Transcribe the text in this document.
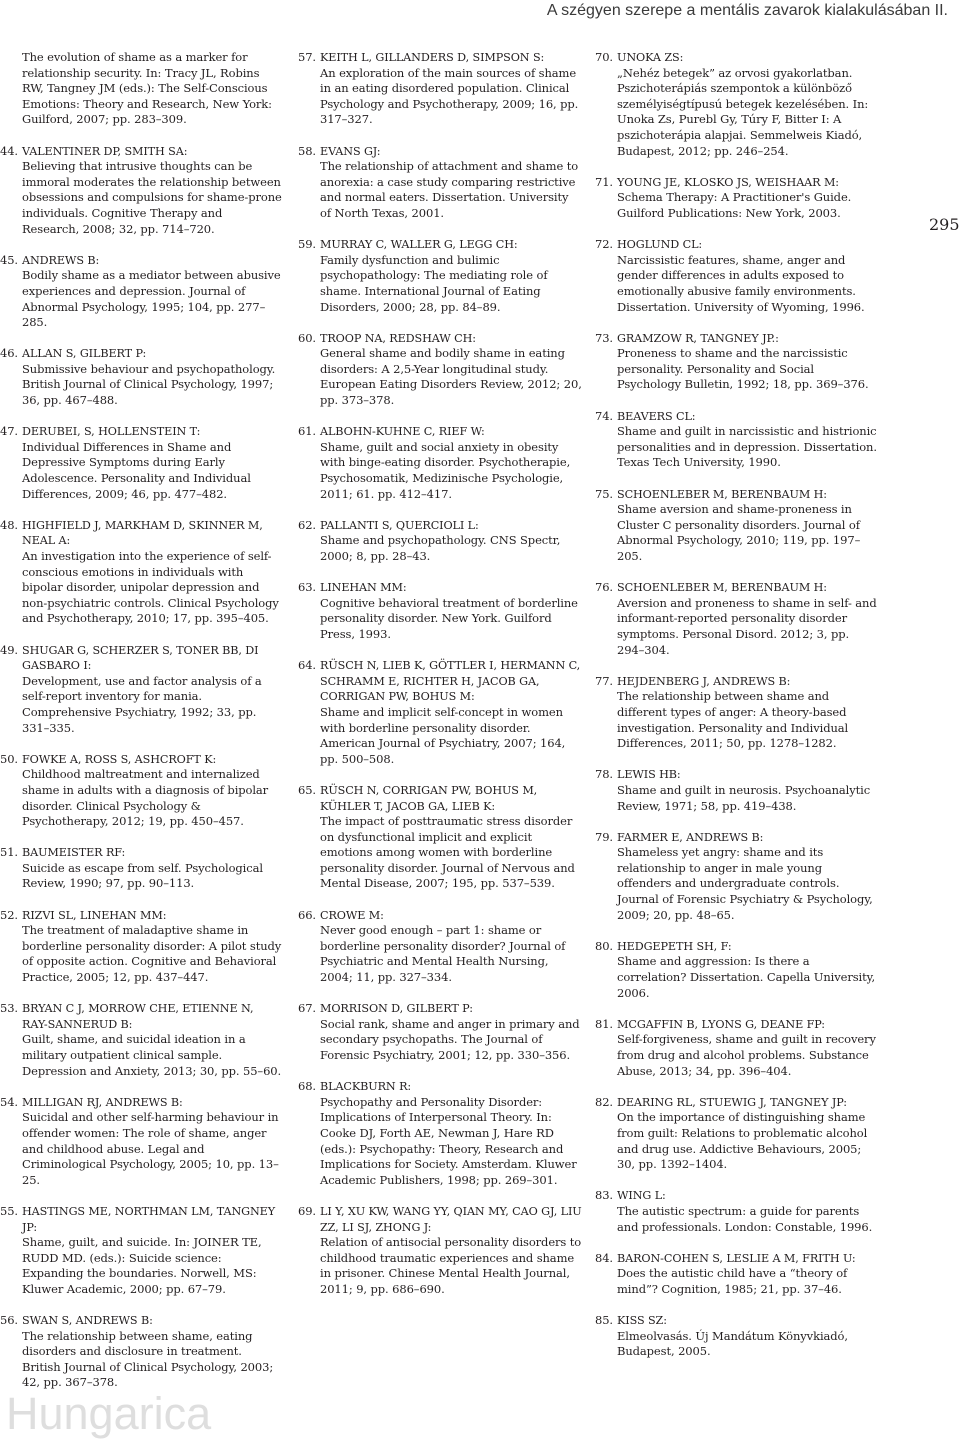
A szégyen szerepe a mentális zavarok kialakulásában II.
295
The evolution of shame as a marker for relationship security. In: Tracy JL, Robins RW, Tangney JM (eds.): The Self-Conscious Emotions: Theory and Research, New York: Guilford, 2007; pp. 283–309.
44. VALENTINER DP, SMITH SA:
Believing that intrusive thoughts can be immoral moderates the relationship between obsessions and compulsions for shame-prone individuals. Cognitive Therapy and Research, 2008; 32, pp. 714–720.
45. ANDREWS B:
Bodily shame as a mediator between abusive experiences and depression. Journal of Abnormal Psychology, 1995; 104, pp. 277–285.
46. ALLAN S, GILBERT P:
Submissive behaviour and psychopathology. British Journal of Clinical Psychology, 1997; 36, pp. 467–488.
47. DERUBEI, S, HOLLENSTEIN T:
Individual Differences in Shame and Depressive Symptoms during Early Adolescence. Personality and Individual Differences, 2009; 46, pp. 477–482.
48. HIGHFIELD J, MARKHAM D, SKINNER M, NEAL A:
An investigation into the experience of self-conscious emotions in individuals with bipolar disorder, unipolar depression and non-psychiatric controls. Clinical Psychology and Psychotherapy, 2010; 17, pp. 395–405.
49. SHUGAR G, SCHERZER S, TONER BB, DI GASBARO I:
Development, use and factor analysis of a self-report inventory for mania. Comprehensive Psychiatry, 1992; 33, pp. 331–335.
50. FOWKE A, ROSS S, ASHCROFT K:
Childhood maltreatment and internalized shame in adults with a diagnosis of bipolar disorder. Clinical Psychology & Psychotherapy, 2012; 19, pp. 450–457.
51. BAUMEISTER RF:
Suicide as escape from self. Psychological Review, 1990; 97, pp. 90–113.
52. RIZVI SL, LINEHAN MM:
The treatment of maladaptive shame in borderline personality disorder: A pilot study of opposite action. Cognitive and Behavioral Practice, 2005; 12, pp. 437–447.
53. BRYAN C J, MORROW CHE, ETIENNE N, RAY-SANNERUD B:
Guilt, shame, and suicidal ideation in a military outpatient clinical sample. Depression and Anxiety, 2013; 30, pp. 55–60.
54. MILLIGAN RJ, ANDREWS B:
Suicidal and other self-harming behaviour in offender women: The role of shame, anger and childhood abuse. Legal and Criminological Psychology, 2005; 10, pp. 13–25.
55. HASTINGS ME, NORTHMAN LM, TANGNEY JP:
Shame, guilt, and suicide. In: JOINER TE, RUDD MD. (eds.): Suicide science: Expanding the boundaries. Norwell, MS: Kluwer Academic, 2000; pp. 67–79.
56. SWAN S, ANDREWS B:
The relationship between shame, eating disorders and disclosure in treatment. British Journal of Clinical Psychology, 2003; 42, pp. 367–378.
57. KEITH L, GILLANDERS D, SIMPSON S:
An exploration of the main sources of shame in an eating disordered population. Clinical Psychology and Psychotherapy, 2009; 16, pp. 317–327.
58. EVANS GJ:
The relationship of attachment and shame to anorexia: a case study comparing restrictive and normal eaters. Dissertation. University of North Texas, 2001.
59. MURRAY C, WALLER G, LEGG CH:
Family dysfunction and bulimic psychopathology: The mediating role of shame. International Journal of Eating Disorders, 2000; 28, pp. 84–89.
60. TROOP NA, REDSHAW CH:
General shame and bodily shame in eating disorders: A 2,5-Year longitudinal study. European Eating Disorders Review, 2012; 20, pp. 373–378.
61. ALBOHN-KUHNE C, RIEF W:
Shame, guilt and social anxiety in obesity with binge-eating disorder. Psychotherapie, Psychosomatik, Medizinische Psychologie, 2011; 61. pp. 412–417.
62. PALLANTI S, QUERCIOLI L:
Shame and psychopathology. CNS Spectr, 2000; 8, pp. 28–43.
63. LINEHAN MM:
Cognitive behavioral treatment of borderline personality disorder. New York. Guilford Press, 1993.
64. RÜSCH N, LIEB K, GÖTTLER I, HERMANN C, SCHRAMM E, RICHTER H, JACOB GA, CORRIGAN PW, BOHUS M:
Shame and implicit self-concept in women with borderline personality disorder. American Journal of Psychiatry, 2007; 164, pp. 500–508.
65. RÜSCH N, CORRIGAN PW, BOHUS M, KÜHLER T, JACOB GA, LIEB K:
The impact of posttraumatic stress disorder on dysfunctional implicit and explicit emotions among women with borderline personality disorder. Journal of Nervous and Mental Disease, 2007; 195, pp. 537–539.
66. CROWE M:
Never good enough – part 1: shame or borderline personality disorder? Journal of Psychiatric and Mental Health Nursing, 2004; 11, pp. 327–334.
67. MORRISON D, GILBERT P:
Social rank, shame and anger in primary and secondary psychopaths. The Journal of Forensic Psychiatry, 2001; 12, pp. 330–356.
68. BLACKBURN R:
Psychopathy and Personality Disorder: Implications of Interpersonal Theory. In: Cooke DJ, Forth AE, Newman J, Hare RD (eds.): Psychopathy: Theory, Research and Implications for Society. Amsterdam. Kluwer Academic Publishers, 1998; pp. 269–301.
69. LI Y, XU KW, WANG YY, QIAN MY, CAO GJ, LIU ZZ, LI SJ, ZHONG J:
Relation of antisocial personality disorders to childhood traumatic experiences and shame in prisoner. Chinese Mental Health Journal, 2011; 9, pp. 686–690.
70. UNOKA ZS:
„Nehéz betegek” az orvosi gyakorlatban. Pszichoterápiás szempontok a különböző személyiségtípusú betegek kezelésében. In: Unoka Zs, Purebl Gy, Túry F, Bitter I: A pszichoterápia alapjai. Semmelweis Kiadó, Budapest, 2012; pp. 246–254.
71. YOUNG JE, KLOSKO JS, WEISHAAR M:
Schema Therapy: A Practitioner's Guide. Guilford Publications: New York, 2003.
72. HOGLUND CL:
Narcissistic features, shame, anger and gender differences in adults exposed to emotionally abusive family environments. Dissertation. University of Wyoming, 1996.
73. GRAMZOW R, TANGNEY JP.:
Proneness to shame and the narcissistic personality. Personality and Social Psychology Bulletin, 1992; 18, pp. 369–376.
74. BEAVERS CL:
Shame and guilt in narcissistic and histrionic personalities and in depression. Dissertation. Texas Tech University, 1990.
75. SCHOENLEBER M, BERENBAUM H:
Shame aversion and shame-proneness in Cluster C personality disorders. Journal of Abnormal Psychology, 2010; 119, pp. 197–205.
76. SCHOENLEBER M, BERENBAUM H:
Aversion and proneness to shame in self- and informant-reported personality disorder symptoms. Personal Disord. 2012; 3, pp. 294–304.
77. HEJDENBERG J, ANDREWS B:
The relationship between shame and different types of anger: A theory-based investigation. Personality and Individual Differences, 2011; 50, pp. 1278–1282.
78. LEWIS HB:
Shame and guilt in neurosis. Psychoanalytic Review, 1971; 58, pp. 419–438.
79. FARMER E, ANDREWS B:
Shameless yet angry: shame and its relationship to anger in male young offenders and undergraduate controls. Journal of Forensic Psychiatry & Psychology, 2009; 20, pp. 48–65.
80. HEDGEPETH SH, F:
Shame and aggression: Is there a correlation? Dissertation. Capella University, 2006.
81. MCGAFFIN B, LYONS G, DEANE FP:
Self-forgiveness, shame and guilt in recovery from drug and alcohol problems. Substance Abuse, 2013; 34, pp. 396–404.
82. DEARING RL, STUEWIG J, TANGNEY JP:
On the importance of distinguishing shame from guilt: Relations to problematic alcohol and drug use. Addictive Behaviours, 2005; 30, pp. 1392–1404.
83. WING L:
The autistic spectrum: a guide for parents and professionals. London: Constable, 1996.
84. BARON-COHEN S, LESLIE A M, FRITH U:
Does the autistic child have a “theory of mind”? Cognition, 1985; 21, pp. 37–46.
85. KISS SZ:
Elmeolvasás. Új Mandátum Könyvkiadó, Budapest, 2005.
Hungarica
